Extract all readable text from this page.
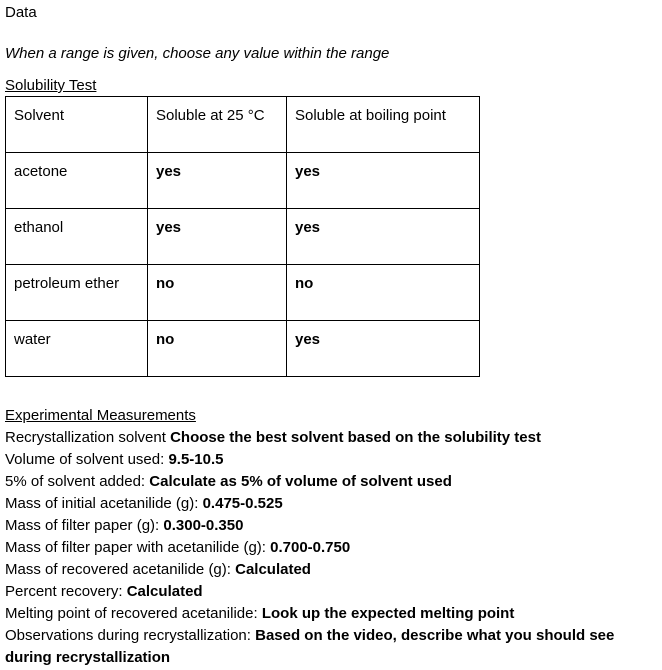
Data
When a range is given, choose any value within the range
Solubility Test
Solvent	Soluble at 25 °C	Soluble at boiling point
acetone	yes	yes
ethanol	yes	yes
petroleum ether	no	no
water	no	yes
Experimental Measurements
Recrystallization solvent Choose the best solvent based on the solubility test
Volume of solvent used: 9.5-10.5
5% of solvent added: Calculate as 5% of volume of solvent used
Mass of initial acetanilide (g): 0.475-0.525
Mass of filter paper (g): 0.300-0.350
Mass of filter paper with acetanilide (g): 0.700-0.750
Mass of recovered acetanilide (g): Calculated
Percent recovery: Calculated
Melting point of recovered acetanilide: Look up the expected melting point
Observations during recrystallization: Based on the video, describe what you should see during recrystallization
